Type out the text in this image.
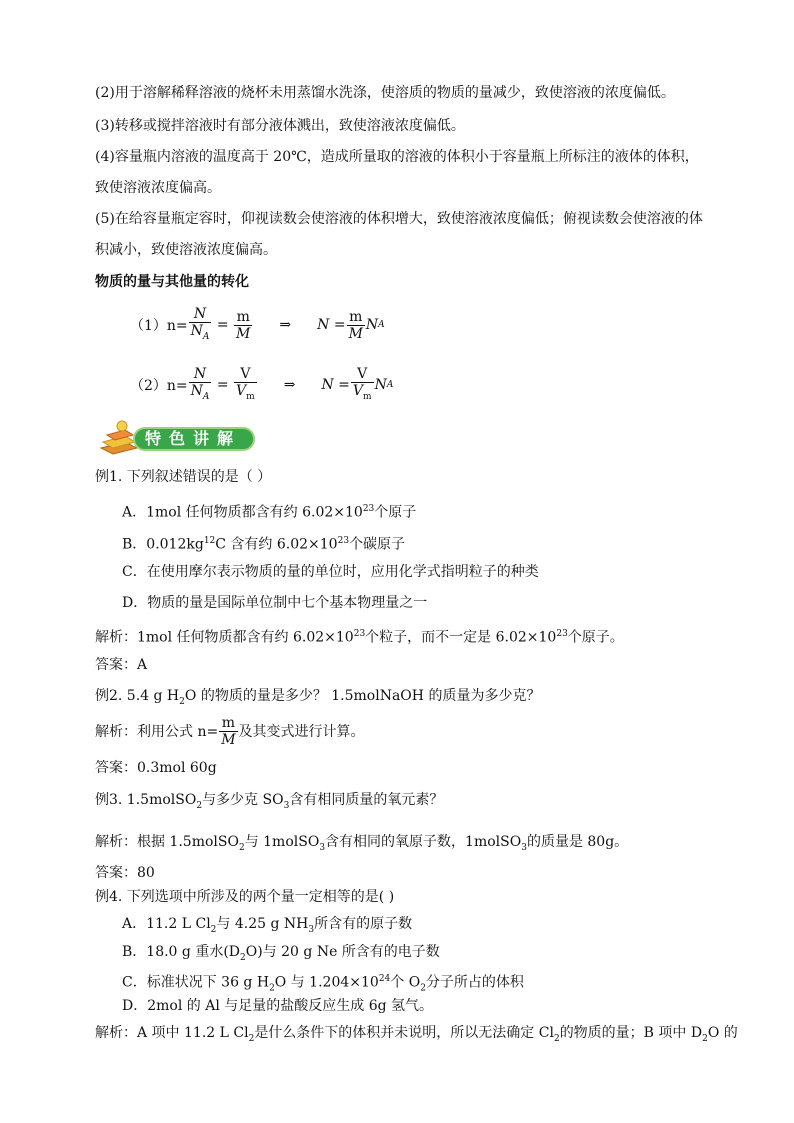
(2)用于溶解稀释溶液的烧杯未用蒸馏水洗涤，使溶质的物质的量减少，致使溶液的浓度偏低。
(3)转移或搅拌溶液时有部分液体溅出，致使溶液浓度偏低。
(4)容量瓶内溶液的温度高于 20℃，造成所量取的溶液的体积小于容量瓶上所标注的液体的体积，
致使溶液浓度偏高。
(5)在给容量瓶定容时，仰视读数会使溶液的体积增大，致使溶液浓度偏低；俯视读数会使溶液的体
积减小，致使溶液浓度偏高。
物质的量与其他量的转化
$(1)n= \frac{N}{N_A} = \frac{m}{M}$ ⇒ $N = \frac{m}{M}$ N A
$(2)n= \frac{N}{N_A} = \frac{V}{V_m}$ ⇒ $N = \frac{V}{V_m}$ N A
特色讲解
例1. 下列叙述错误的是（ ）
A．1mol 任何物质都含有约 $6.02\times 10^{23}$个原子
B．$0.012kg^{12}C$ 含有约 $6.02\times 10^{23}$个碳原子
C．在使用摩尔表示物质的量的单位时，应用化学式指明粒子的种类
D．物质的量是国际单位制中七个基本物理量之一
解析：1mol 任何物质都含有约 $6.02\times 10^{23}$个粒子，而不一定是 $6.02\times 10^{23}$个原子。
答案：A
例2. 5.4 g $H_2O$ 的物质的量是多少？ 1.5molNaOH 的质量为多少克？
解析：利用公式 $n= \frac{m}{M}$ 及其变式进行计算。
答案：0.3mol 60g
例3. 1.5molSO$_2$与多少克 $SO_3$含有相同质量的氧元素？
解析：根据 1.5molSO$_2$与 1molSO$_3$含有相同的氧原子数，1molSO$_3$的质量是 80g。
答案：80
例4. 下列选项中所涉及的两个量一定相等的是( )
A．11.2 L $Cl_2$与 4.25 g $NH_3$所含有的原子数
B．18.0 g 重水$(D_2O)$与 20 g Ne 所含有的电子数
C．标准状况下 36 g $H_2O$ 与 $1.204\times 10^{24}$个 $O_2$分子所占的体积
D．2mol 的 Al 与足量的盐酸反应生成 6g 氢气。
解析：A 项中 11.2 L $Cl_2$是什么条件下的体积并未说明，所以无法确定 $Cl_2$的物质的量；B 项中 $D_2O$ 的
